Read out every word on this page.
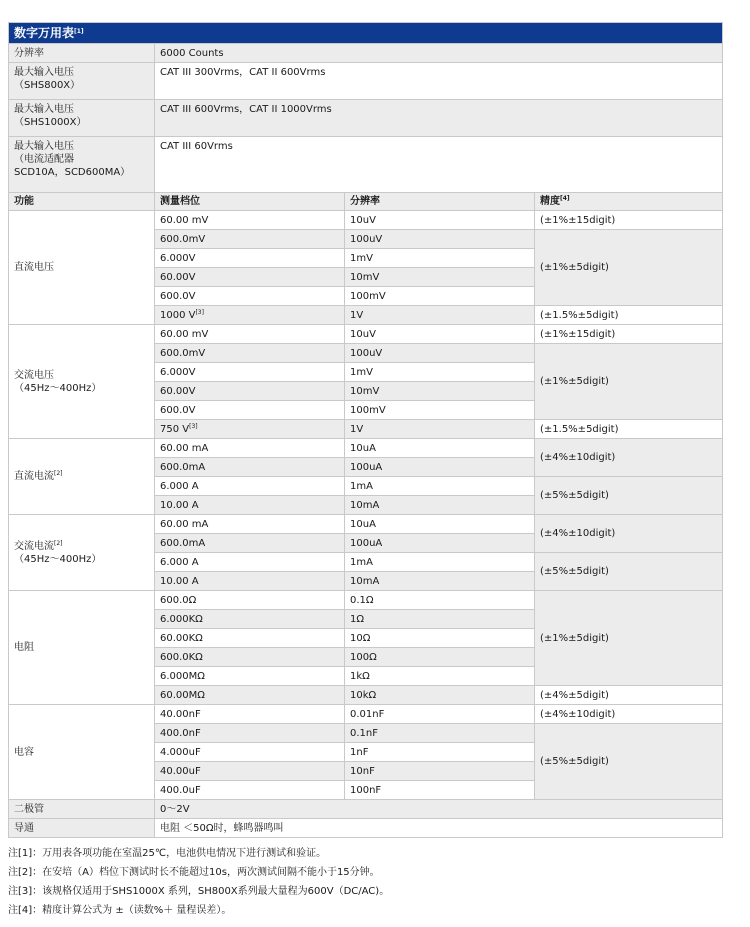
数字万用表[1]
分辨率	6000 Counts		

最大输入电压
（SHS800X）	CAT III 300Vrms，CAT II 600Vrms		

最大输入电压
（SHS1000X）	CAT III 600Vrms，CAT II 1000Vrms		

最大输入电压
（电流适配器
SCD10A，SCD600MA）	CAT III 60Vrms		
功能	测量档位	分辨率	精度[4]
直流电压	60.00 mV	10uV	(±1%±15digit)
	600.0mV	100uV	(±1%±5digit)
	6.000V	1mV	
	60.00V	10mV	
	600.0V	100mV	
	1000 V[3]	1V	(±1.5%±5digit)
交流电压
（45Hz～400Hz）	60.00 mV	10uV	(±1%±15digit)
	600.0mV	100uV	(±1%±5digit)
	6.000V	1mV	
	60.00V	10mV	
	600.0V	100mV	
	750 V[3]	1V	(±1.5%±5digit)
直流电流[2]	60.00 mA	10uA	(±4%±10digit)
	600.0mA	100uA	
	6.000 A	1mA	(±5%±5digit)
	10.00 A	10mA	
交流电流[2]
（45Hz～400Hz）	60.00 mA	10uA	(±4%±10digit)
	600.0mA	100uA	
	6.000 A	1mA	(±5%±5digit)
	10.00 A	10mA	
电阻	600.0Ω	0.1Ω	(±1%±5digit)
	6.000KΩ	1Ω	
	60.00KΩ	10Ω	
	600.0KΩ	100Ω	
	6.000MΩ	1kΩ	
	60.00MΩ	10kΩ	(±4%±5digit)
电容	40.00nF	0.01nF	(±4%±10digit)
	400.0nF	0.1nF	(±5%±5digit)
	4.000uF	1nF	
	40.00uF	10nF	
	400.0uF	100nF	
二极管	0～2V		
导通	电阻 ＜50Ω时，蜂鸣器鸣叫		
注[1]：万用表各项功能在室温25℃，电池供电情况下进行测试和验证。
注[2]：在安培（A）档位下测试时长不能超过10s，两次测试间隔不能小于15分钟。
注[3]：该规格仅适用于SHS1000X 系列，SH800X系列最大量程为600V（DC/AC)。
注[4]：精度计算公式为 ±（读数%＋ 量程误差）。
